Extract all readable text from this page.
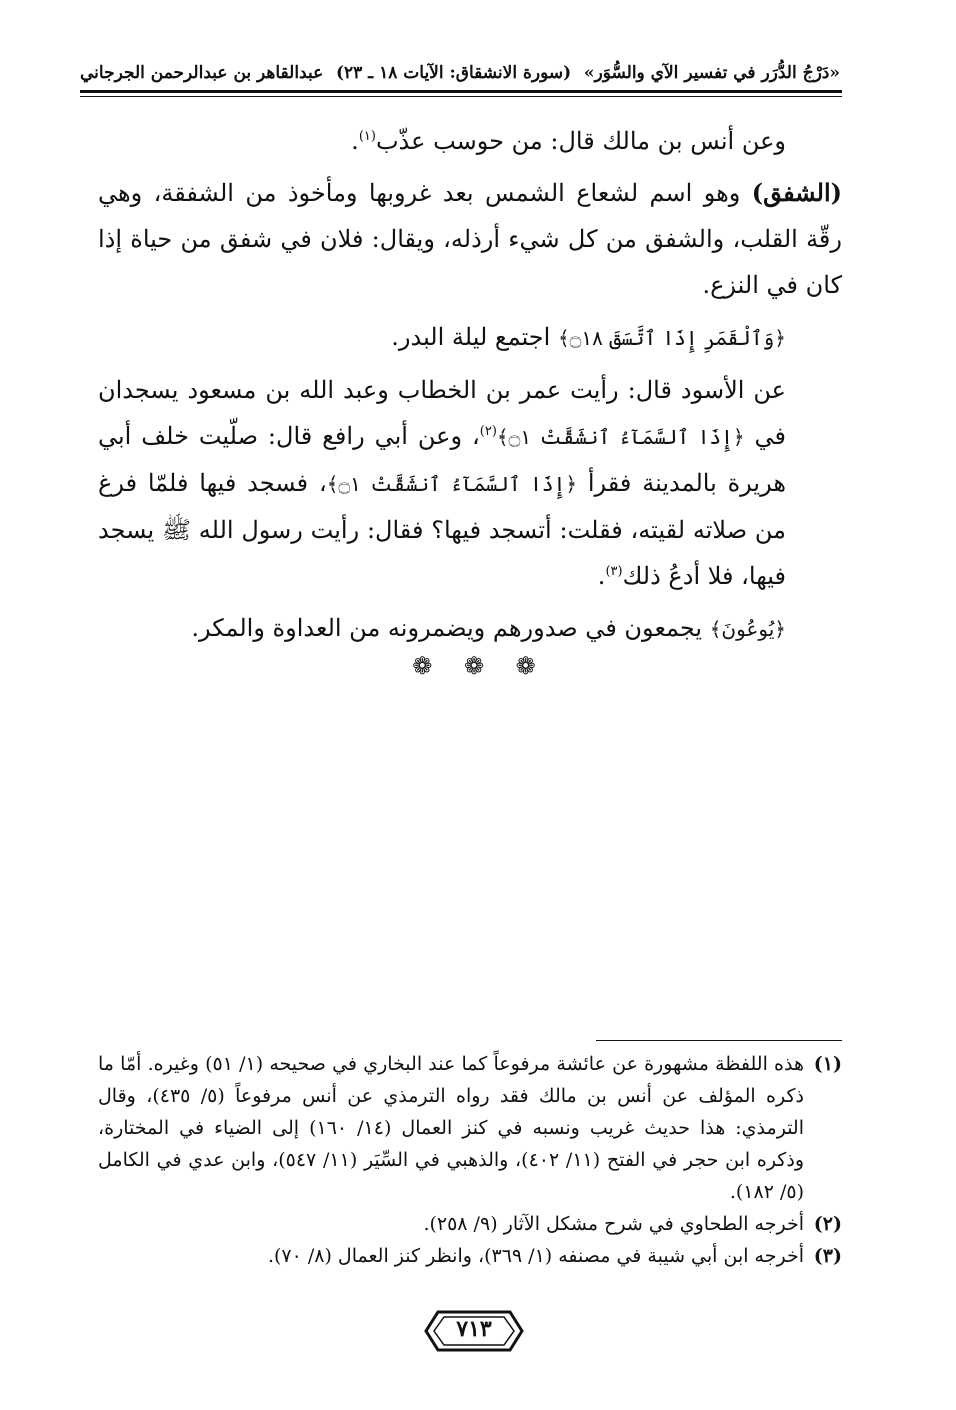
«دَرْجُ الدُّرَر في تفسير الآي والسُّوَر»
(سورة الانشقاق: الآيات ١٨ ـ ٢٣)
عبدالقاهر بن عبدالرحمن الجرجاني

وعن أنس بن مالك قال: من حوسب عذّب$^{(١)}$.

(الشفق) وهو اسم لشعاع الشمس بعد غروبها ومأخوذ من الشفقة، وهي رقّة القلب، والشفق من كل شيء أرذله، ويقال: فلان في شفق من حياة إذا كان في النزع.

﴿وَٱلْقَمَرِ إِذَا ٱتَّسَقَ ۝١٨﴾ اجتمع ليلة البدر.

عن الأسود قال: رأيت عمر بن الخطاب وعبد الله بن مسعود يسجدان في ﴿إِذَا ٱلسَّمَآءُ ٱنشَقَّتْ ۝١﴾$^{(٢)}$، وعن أبي رافع قال: صلّيت خلف أبي هريرة بالمدينة فقرأ ﴿إِذَا ٱلسَّمَآءُ ٱنشَقَّتْ ۝١﴾، فسجد فيها فلمّا فرغ من صلاته لقيته، فقلت: أتسجد فيها؟ فقال: رأيت رسول الله ﷺ يسجد فيها، فلا أدعُ ذلك$^{(٣)}$.

﴿يُوعُونَ﴾ يجمعون في صدورهم ويضمرونه من العداوة والمكر.

❁ ❁ ❁
(١)
هذه اللفظة مشهورة عن عائشة مرفوعاً كما عند البخاري في صحيحه (١/ ٥١) وغيره. أمّا ما ذكره المؤلف عن أنس بن مالك فقد رواه الترمذي عن أنس مرفوعاً (٥/ ٤٣٥)، وقال الترمذي: هذا حديث غريب ونسبه في كنز العمال (١٤/ ١٦٠) إلى الضياء في المختارة، وذكره ابن حجر في الفتح (١١/ ٤٠٢)، والذهبي في السِّيَر (١١/ ٥٤٧)، وابن عدي في الكامل (٥/ ١٨٢).
(٢)
أخرجه الطحاوي في شرح مشكل الآثار (٩/ ٢٥٨).
(٣)
أخرجه ابن أبي شيبة في مصنفه (١/ ٣٦٩)، وانظر كنز العمال (٨/ ٧٠).
٧١٣
